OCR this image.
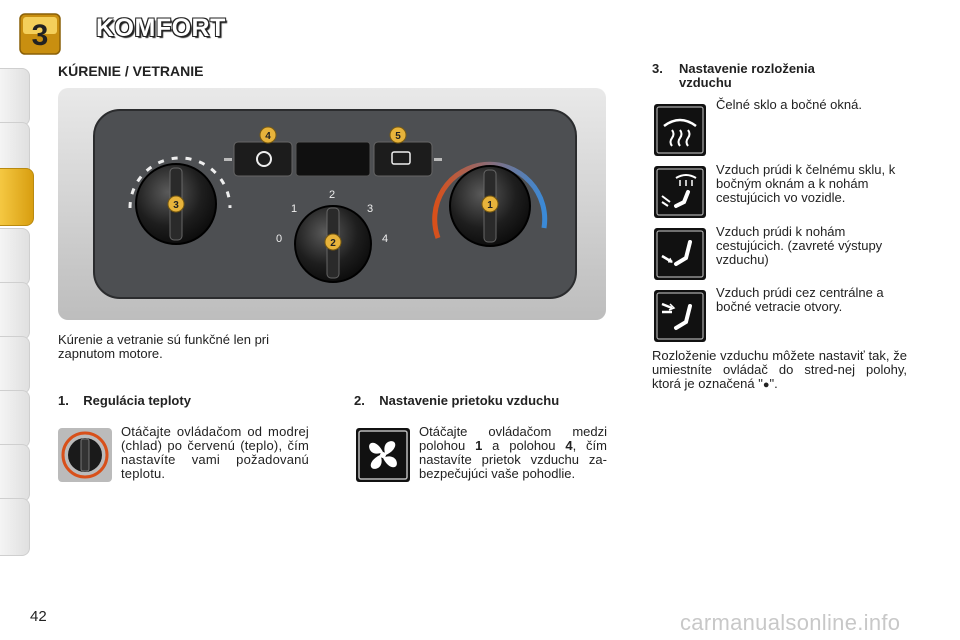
3 KOMFORT
KÚRENIE / VETRANIE
3
2
0
1
2
3
4
1
4	5
Kúrenie a vetranie sú funkčné len pri zapnutom motore.
1.    Regulácia teploty
Otáčajte ovládačom od modrej (chlad) po červenú (teplo), čím nastavíte vami požadovanú teplotu.
2.    Nastavenie prietoku vzduchu
Otáčajte ovládačom medzi polohou 1 a polohou 4, čím nastavíte prietok vzduchu za-bezpečujúci vaše pohodlie.
3. Nastavenie rozloženia
vzduchu
Čelné sklo a bočné okná.
Vzduch prúdi k čelnému sklu, k bočným oknám a k nohám cestujúcich vo vozidle.
Vzduch prúdi k nohám cestujúcich. (zavreté výstupy vzduchu)
Vzduch prúdi cez centrálne a bočné vetracie otvory.
Rozloženie vzduchu môžete nastaviť tak, že umiestníte ovládač do stred-nej polohy, ktorá je označená "●".
42	carmanualsonline.info
